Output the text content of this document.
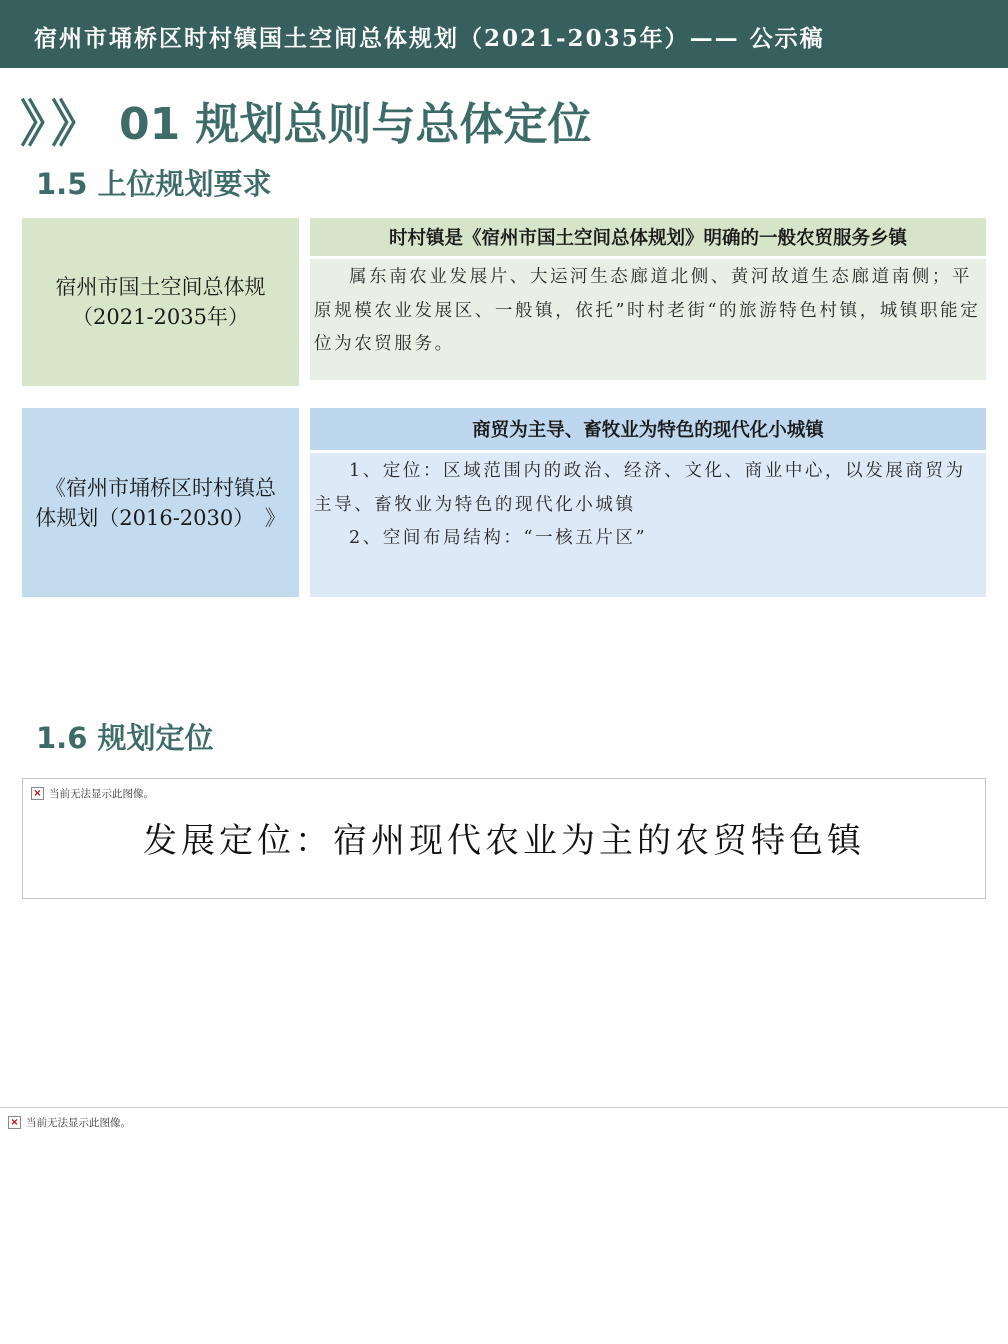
宿州市埇桥区时村镇国土空间总体规划（2021-2035年）—— 公示稿
》》 01 规划总则与总体定位
1.5 上位规划要求
宿州市国土空间总体规
（2021-2035年）
时村镇是《宿州市国土空间总体规划》明确的一般农贸服务乡镇

属东南农业发展片、大运河生态廊道北侧、黄河故道生态廊道南侧；平原规模农业发展区、一般镇，依托”时村老街“的旅游特色村镇，城镇职能定位为农贸服务。

《宿州市埇桥区时村镇总
体规划（2016-2030）　》
商贸为主导、畜牧业为特色的现代化小城镇

1、定位：区域范围内的政治、经济、文化、商业中心，以发展商贸为主导、畜牧业为特色的现代化小城镇

2、空间布局结构：“一核五片区”

1.6 规划定位
× 当前无法显示此图像。
发展定位：宿州现代农业为主的农贸特色镇
× 当前无法显示此图像。
